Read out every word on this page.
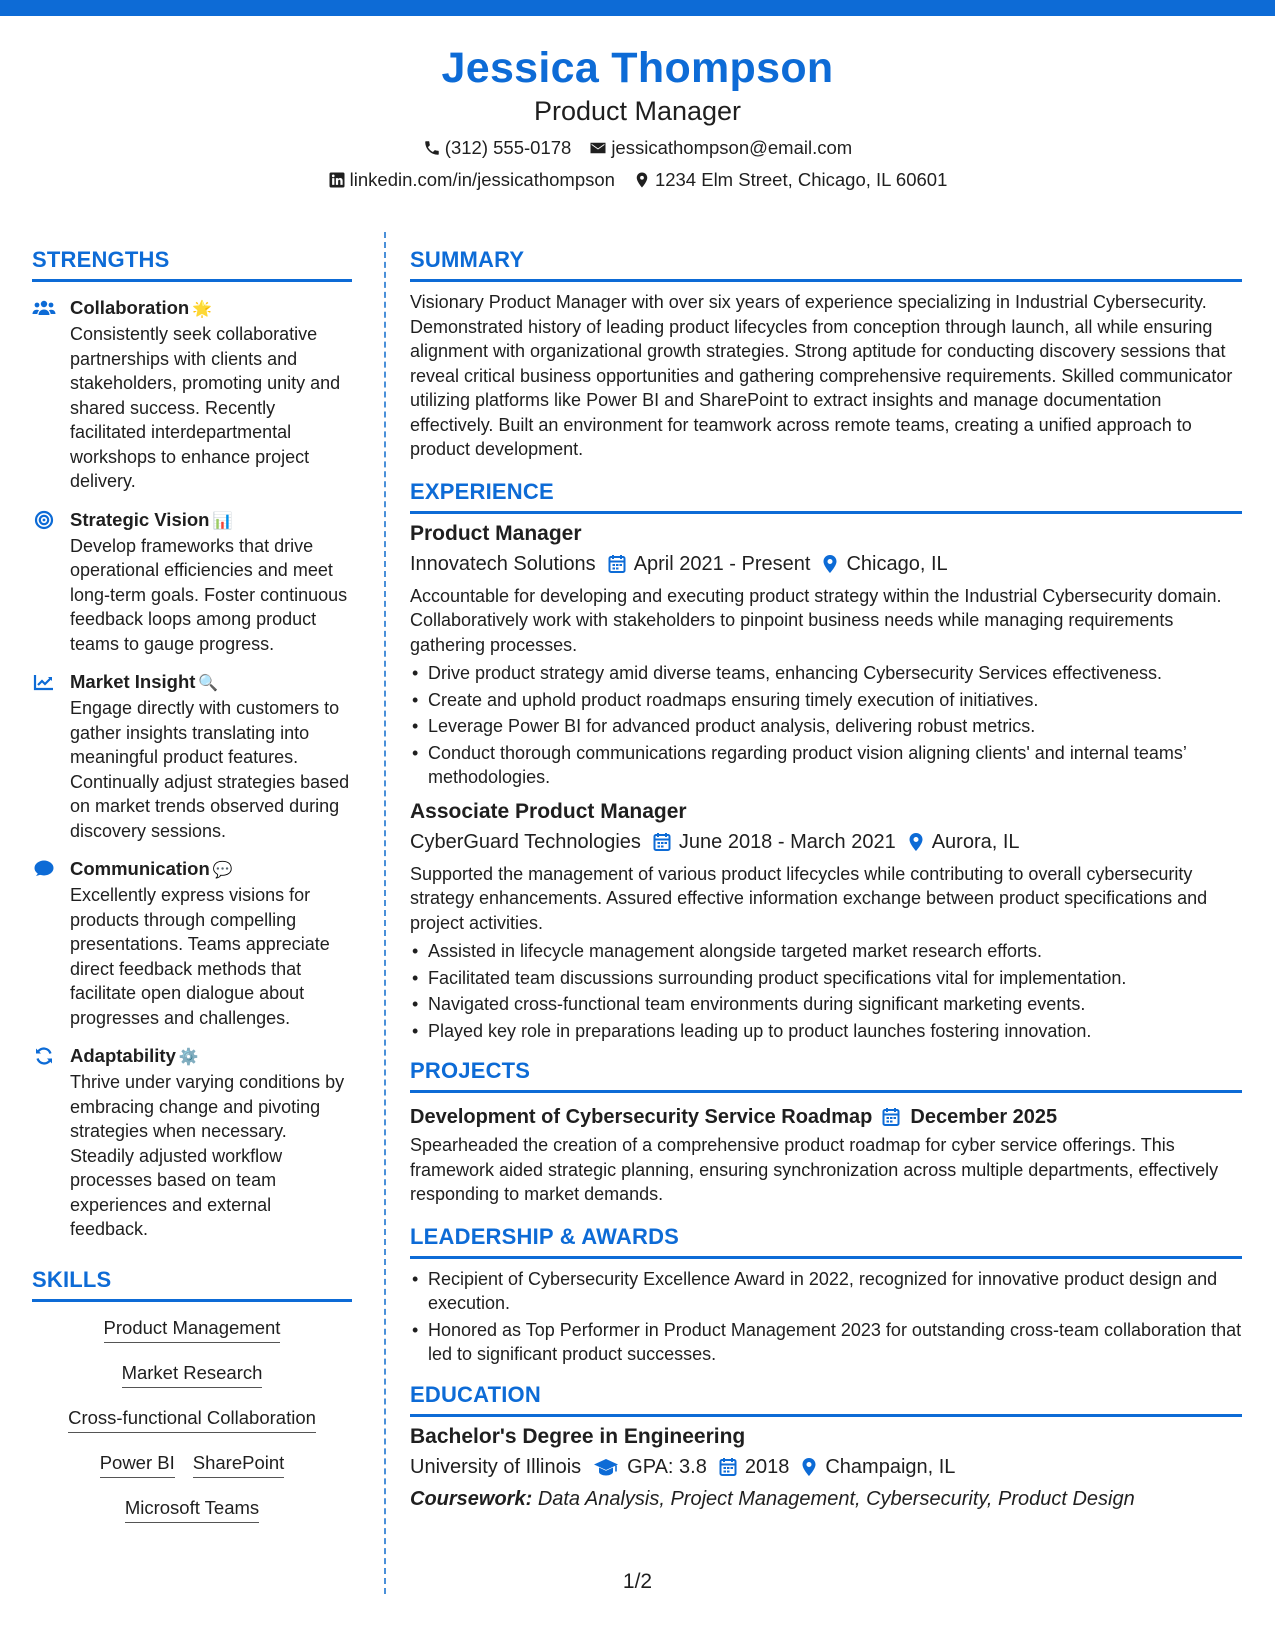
Jessica Thompson
Product Manager
(312) 555-0178 jessicathompson@email.com
linkedin.com/in/jessicathompson 1234 Elm Street, Chicago, IL 60601
STRENGTHS
Collaboration 🌟
Consistently seek collaborative partnerships with clients and stakeholders, promoting unity and shared success. Recently facilitated interdepartmental workshops to enhance project delivery.
Strategic Vision 📊
Develop frameworks that drive operational efficiencies and meet long-term goals. Foster continuous feedback loops among product teams to gauge progress.
Market Insight 🔍
Engage directly with customers to gather insights translating into meaningful product features. Continually adjust strategies based on market trends observed during discovery sessions.
Communication 💬
Excellently express visions for products through compelling presentations. Teams appreciate direct feedback methods that facilitate open dialogue about progresses and challenges.
Adaptability ⚙️
Thrive under varying conditions by embracing change and pivoting strategies when necessary. Steadily adjusted workflow processes based on team experiences and external feedback.
SKILLS
Product Management
Market Research
Cross-functional Collaboration
Power BI SharePoint
Microsoft Teams
SUMMARY
Visionary Product Manager with over six years of experience specializing in Industrial Cybersecurity. Demonstrated history of leading product lifecycles from conception through launch, all while ensuring alignment with organizational growth strategies. Strong aptitude for conducting discovery sessions that reveal critical business opportunities and gathering comprehensive requirements. Skilled communicator utilizing platforms like Power BI and SharePoint to extract insights and manage documentation effectively. Built an environment for teamwork across remote teams, creating a unified approach to product development.
EXPERIENCE
Product Manager
Innovatech Solutions April 2021 - Present Chicago, IL
Accountable for developing and executing product strategy within the Industrial Cybersecurity domain. Collaboratively work with stakeholders to pinpoint business needs while managing requirements gathering processes.
• Drive product strategy amid diverse teams, enhancing Cybersecurity Services effectiveness.
• Create and uphold product roadmaps ensuring timely execution of initiatives.
• Leverage Power BI for advanced product analysis, delivering robust metrics.
• Conduct thorough communications regarding product vision aligning clients' and internal teams’ methodologies.
Associate Product Manager
CyberGuard Technologies June 2018 - March 2021 Aurora, IL
Supported the management of various product lifecycles while contributing to overall cybersecurity strategy enhancements. Assured effective information exchange between product specifications and project activities.
• Assisted in lifecycle management alongside targeted market research efforts.
• Facilitated team discussions surrounding product specifications vital for implementation.
• Navigated cross-functional team environments during significant marketing events.
• Played key role in preparations leading up to product launches fostering innovation.
PROJECTS
Development of Cybersecurity Service Roadmap December 2025
Spearheaded the creation of a comprehensive product roadmap for cyber service offerings. This framework aided strategic planning, ensuring synchronization across multiple departments, effectively responding to market demands.
LEADERSHIP & AWARDS
• Recipient of Cybersecurity Excellence Award in 2022, recognized for innovative product design and execution.
• Honored as Top Performer in Product Management 2023 for outstanding cross-team collaboration that led to significant product successes.
EDUCATION
Bachelor's Degree in Engineering
University of Illinois GPA: 3.8 2018 Champaign, IL
Coursework: Data Analysis, Project Management, Cybersecurity, Product Design
1/2
